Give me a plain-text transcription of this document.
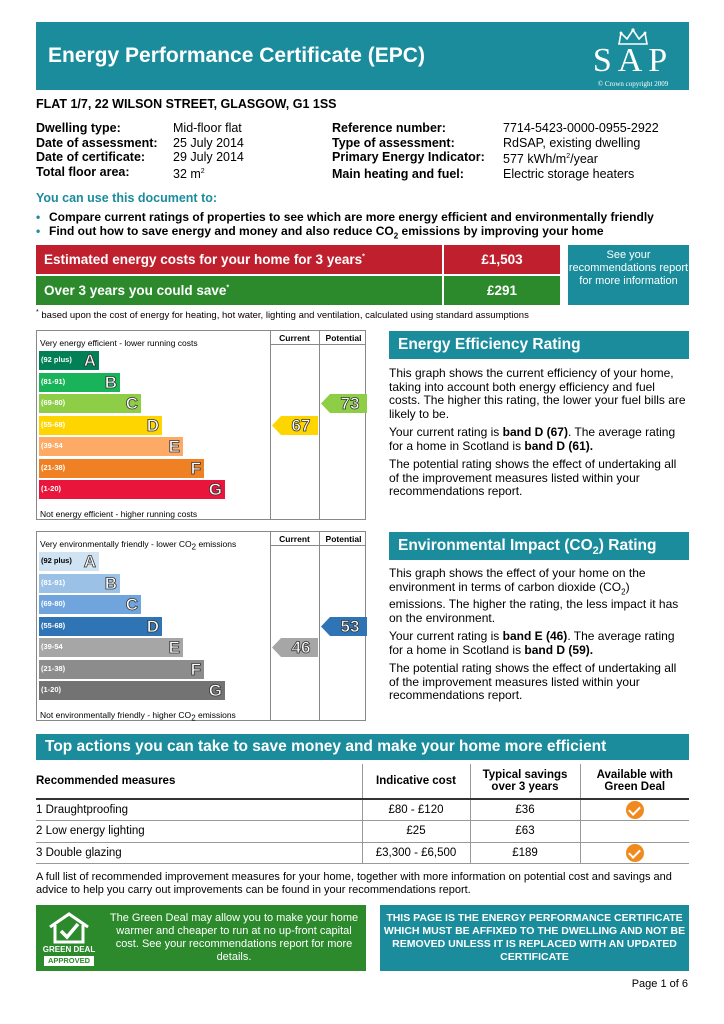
Energy Performance Certificate (EPC)	SAP
© Crown copyright 2009
FLAT 1/7, 22 WILSON STREET, GLASGOW, G1 1SS
Dwelling type:	Mid-floor flat
Date of assessment:	25 July 2014
Date of certificate:	29 July 2014
Total floor area:	32 $m^2$
Reference number:	7714-5423-0000-0955-2922
Type of assessment:	RdSAP, existing dwelling
Primary Energy Indicator:	577 kWh/$m^2$/year
Main heating and fuel:	Electric storage heaters
You can use this document to:
• Compare current ratings of properties to see which are more energy efficient and environmentally friendly
• Find out how to save energy and money and also reduce $CO_2$ emissions by improving your home
Estimated energy costs for your home for 3 years*	£1,503
Over 3 years you could save*	£291
See your recommendations report for more information
* based upon the cost of energy for heating, hot water, lighting and ventilation, calculated using standard assumptions
Current	Potential
Very energy efficient - lower running costs
Not energy efficient - higher running costs
(92 plus) A
(81-91) B
(69-80)	C
(55-68)	D
(39-54	E
(21-38)	F
(1-20)	G
67
73
Current	Potential
Very environmentally friendly - lower $CO_2$ emissions
Not environmentally friendly - higher $CO_2$ emissions
(92 plus) A
(81-91) B
(69-80)	C
(55-68)	D
(39-54	E
(21-38)	F
(1-20)	G
46
53
Energy Efficiency Rating

This graph shows the current efficiency of your home, taking into account both energy efficiency and fuel costs. The higher this rating, the lower your fuel bills are likely to be.

Your current rating is band D (67). The average rating for a home in Scotland is band D (61).

The potential rating shows the effect of undertaking all of the improvement measures listed within your recommendations report.

Environmental Impact $(CO_2)$ Rating

This graph shows the effect of your home on the environment in terms of carbon dioxide $(CO_2)$ emissions. The higher the rating, the less impact it has on the environment.

Your current rating is band E (46). The average rating for a home in Scotland is band D (59).

The potential rating shows the effect of undertaking all of the improvement measures listed within your recommendations report.

Top actions you can take to save money and make your home more efficient
Recommended measures	Indicative cost	Typical savings over 3 years	Available with Green Deal
1 Draughtproofing	£80 - £120	£36	
2 Low energy lighting	£25	£63	
3 Double glazing	£3,300 - £6,500	£189	
A full list of recommended improvement measures for your home, together with more information on potential cost and savings and advice to help you carry out improvements can be found in your recommendations report.
GREEN DEAL
APPROVED
The Green Deal may allow you to make your home warmer and cheaper to run at no up-front capital cost. See your recommendations report for more details.
THIS PAGE IS THE ENERGY PERFORMANCE CERTIFICATE WHICH MUST BE AFFIXED TO THE DWELLING AND NOT BE REMOVED UNLESS IT IS REPLACED WITH AN UPDATED CERTIFICATE
Page 1 of 6
